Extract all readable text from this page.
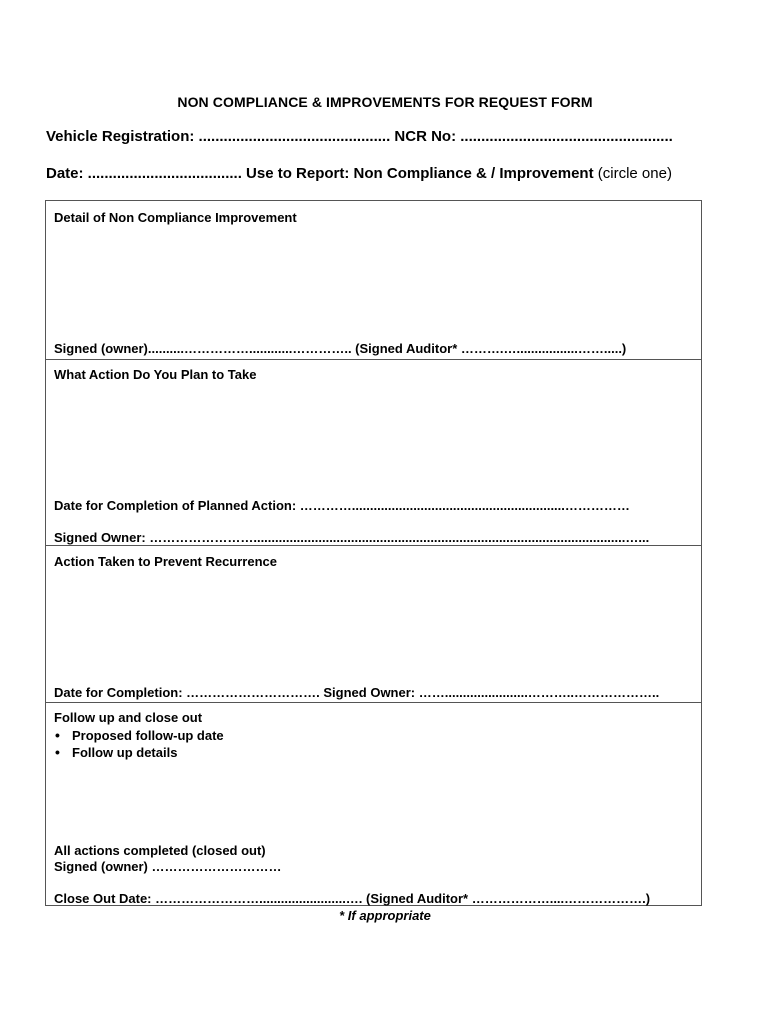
NON COMPLIANCE & IMPROVEMENTS FOR REQUEST FORM
Vehicle Registration: .............................................. NCR No: ...................................................
Date: ..................................... Use to Report: Non Compliance & / Improvement (circle one)
Detail of Non Compliance Improvement
Signed (owner)..........……………............………….. (Signed Auditor* ……….….................…….....)
What Action Do You Plan to Take
Date for Completion of Planned Action: …………...........................................................……………
Signed Owner: …………………….......................................................................................................…...
Action Taken to Prevent Recurrence
Date for Completion: …………………………. Signed Owner: …….......................………..………………..
Follow up and close out
• Proposed follow-up date
• Follow up details
All actions completed (closed out)
Signed (owner) …………………………
Close Out Date: ……………………........................…. (Signed Auditor* ………………....……………….)
* If appropriate
